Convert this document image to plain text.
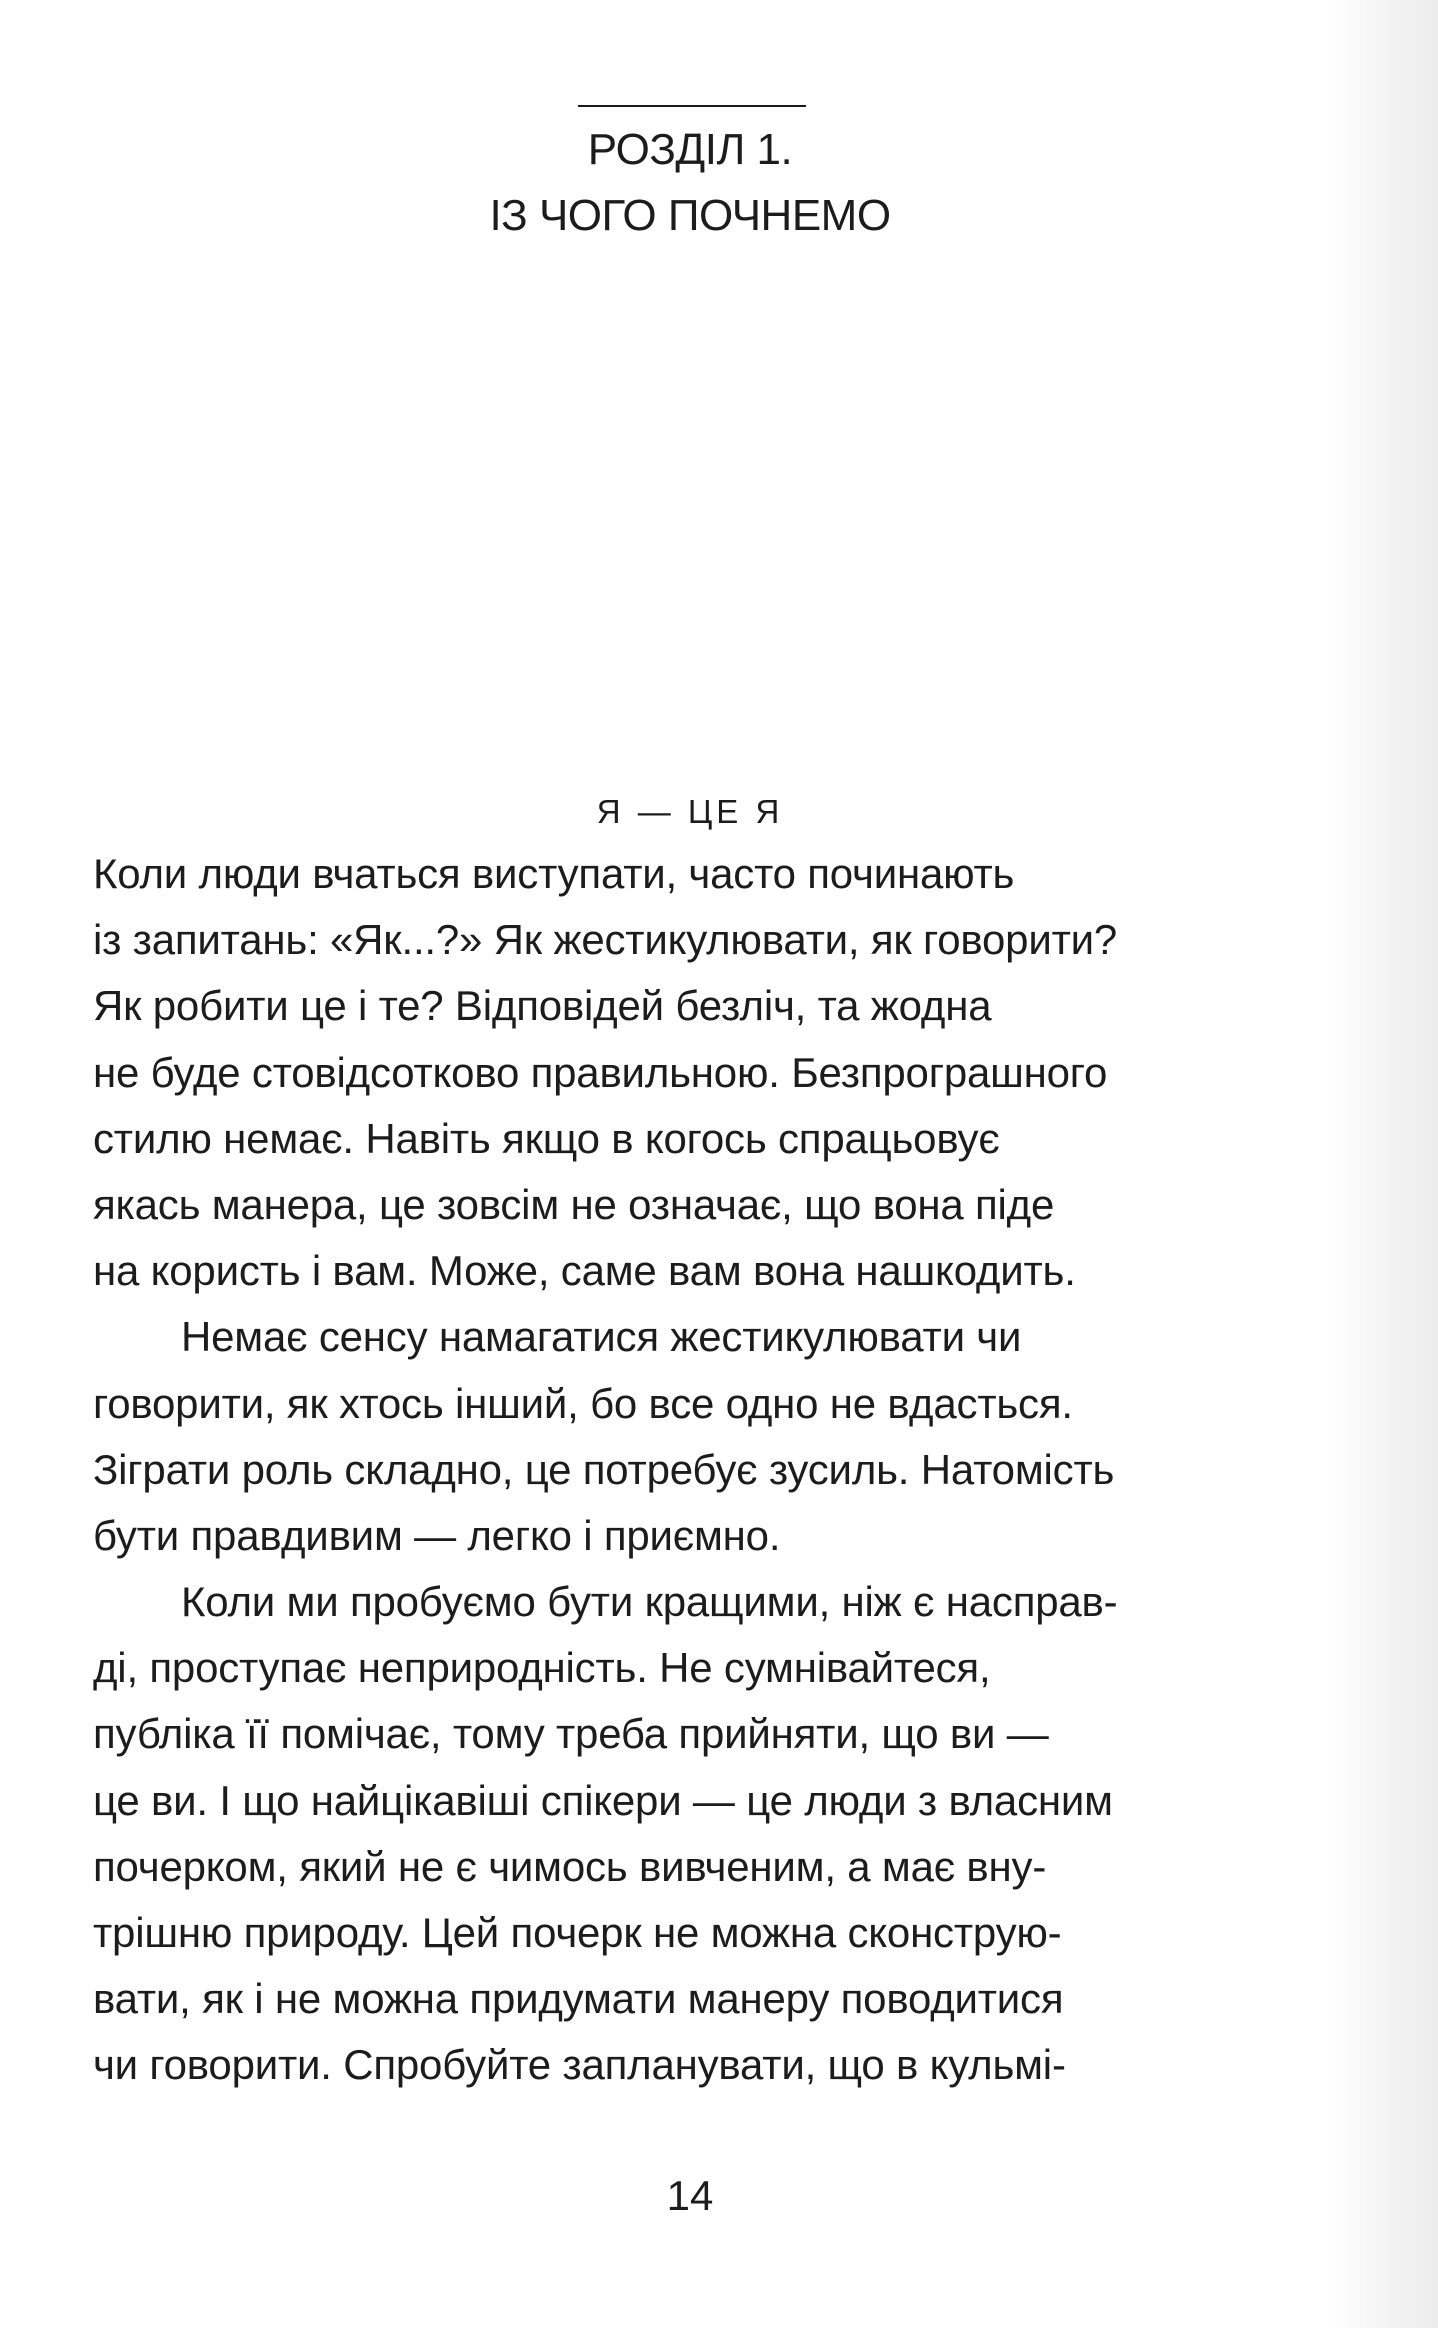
РОЗДІЛ 1.
ІЗ ЧОГО ПОЧНЕМО
Я — ЦЕ Я
Коли люди вчаться виступати, часто починають
із запитань: «Як...?» Як жестикулювати, як говорити?
Як робити це і те? Відповідей безліч, та жодна
не буде стовідсотково правильною. Безпрограшного
стилю немає. Навіть якщо в когось спрацьовує
якась манера, це зовсім не означає, що вона піде
на користь і вам. Може, саме вам вона нашкодить.
Немає сенсу намагатися жестикулювати чи
говорити, як хтось інший, бо все одно не вдасться.
Зіграти роль складно, це потребує зусиль. Натомість
бути правдивим — легко і приємно.
Коли ми пробуємо бути кращими, ніж є насправ-
ді, проступає неприродність. Не сумнівайтеся,
публіка її помічає, тому треба прийняти, що ви —
це ви. І що найцікавіші спікери — це люди з власним
почерком, який не є чимось вивченим, а має вну-
трішню природу. Цей почерк не можна сконструю-
вати, як і не можна придумати манеру поводитися
чи говорити. Спробуйте запланувати, що в кульмі-
14
